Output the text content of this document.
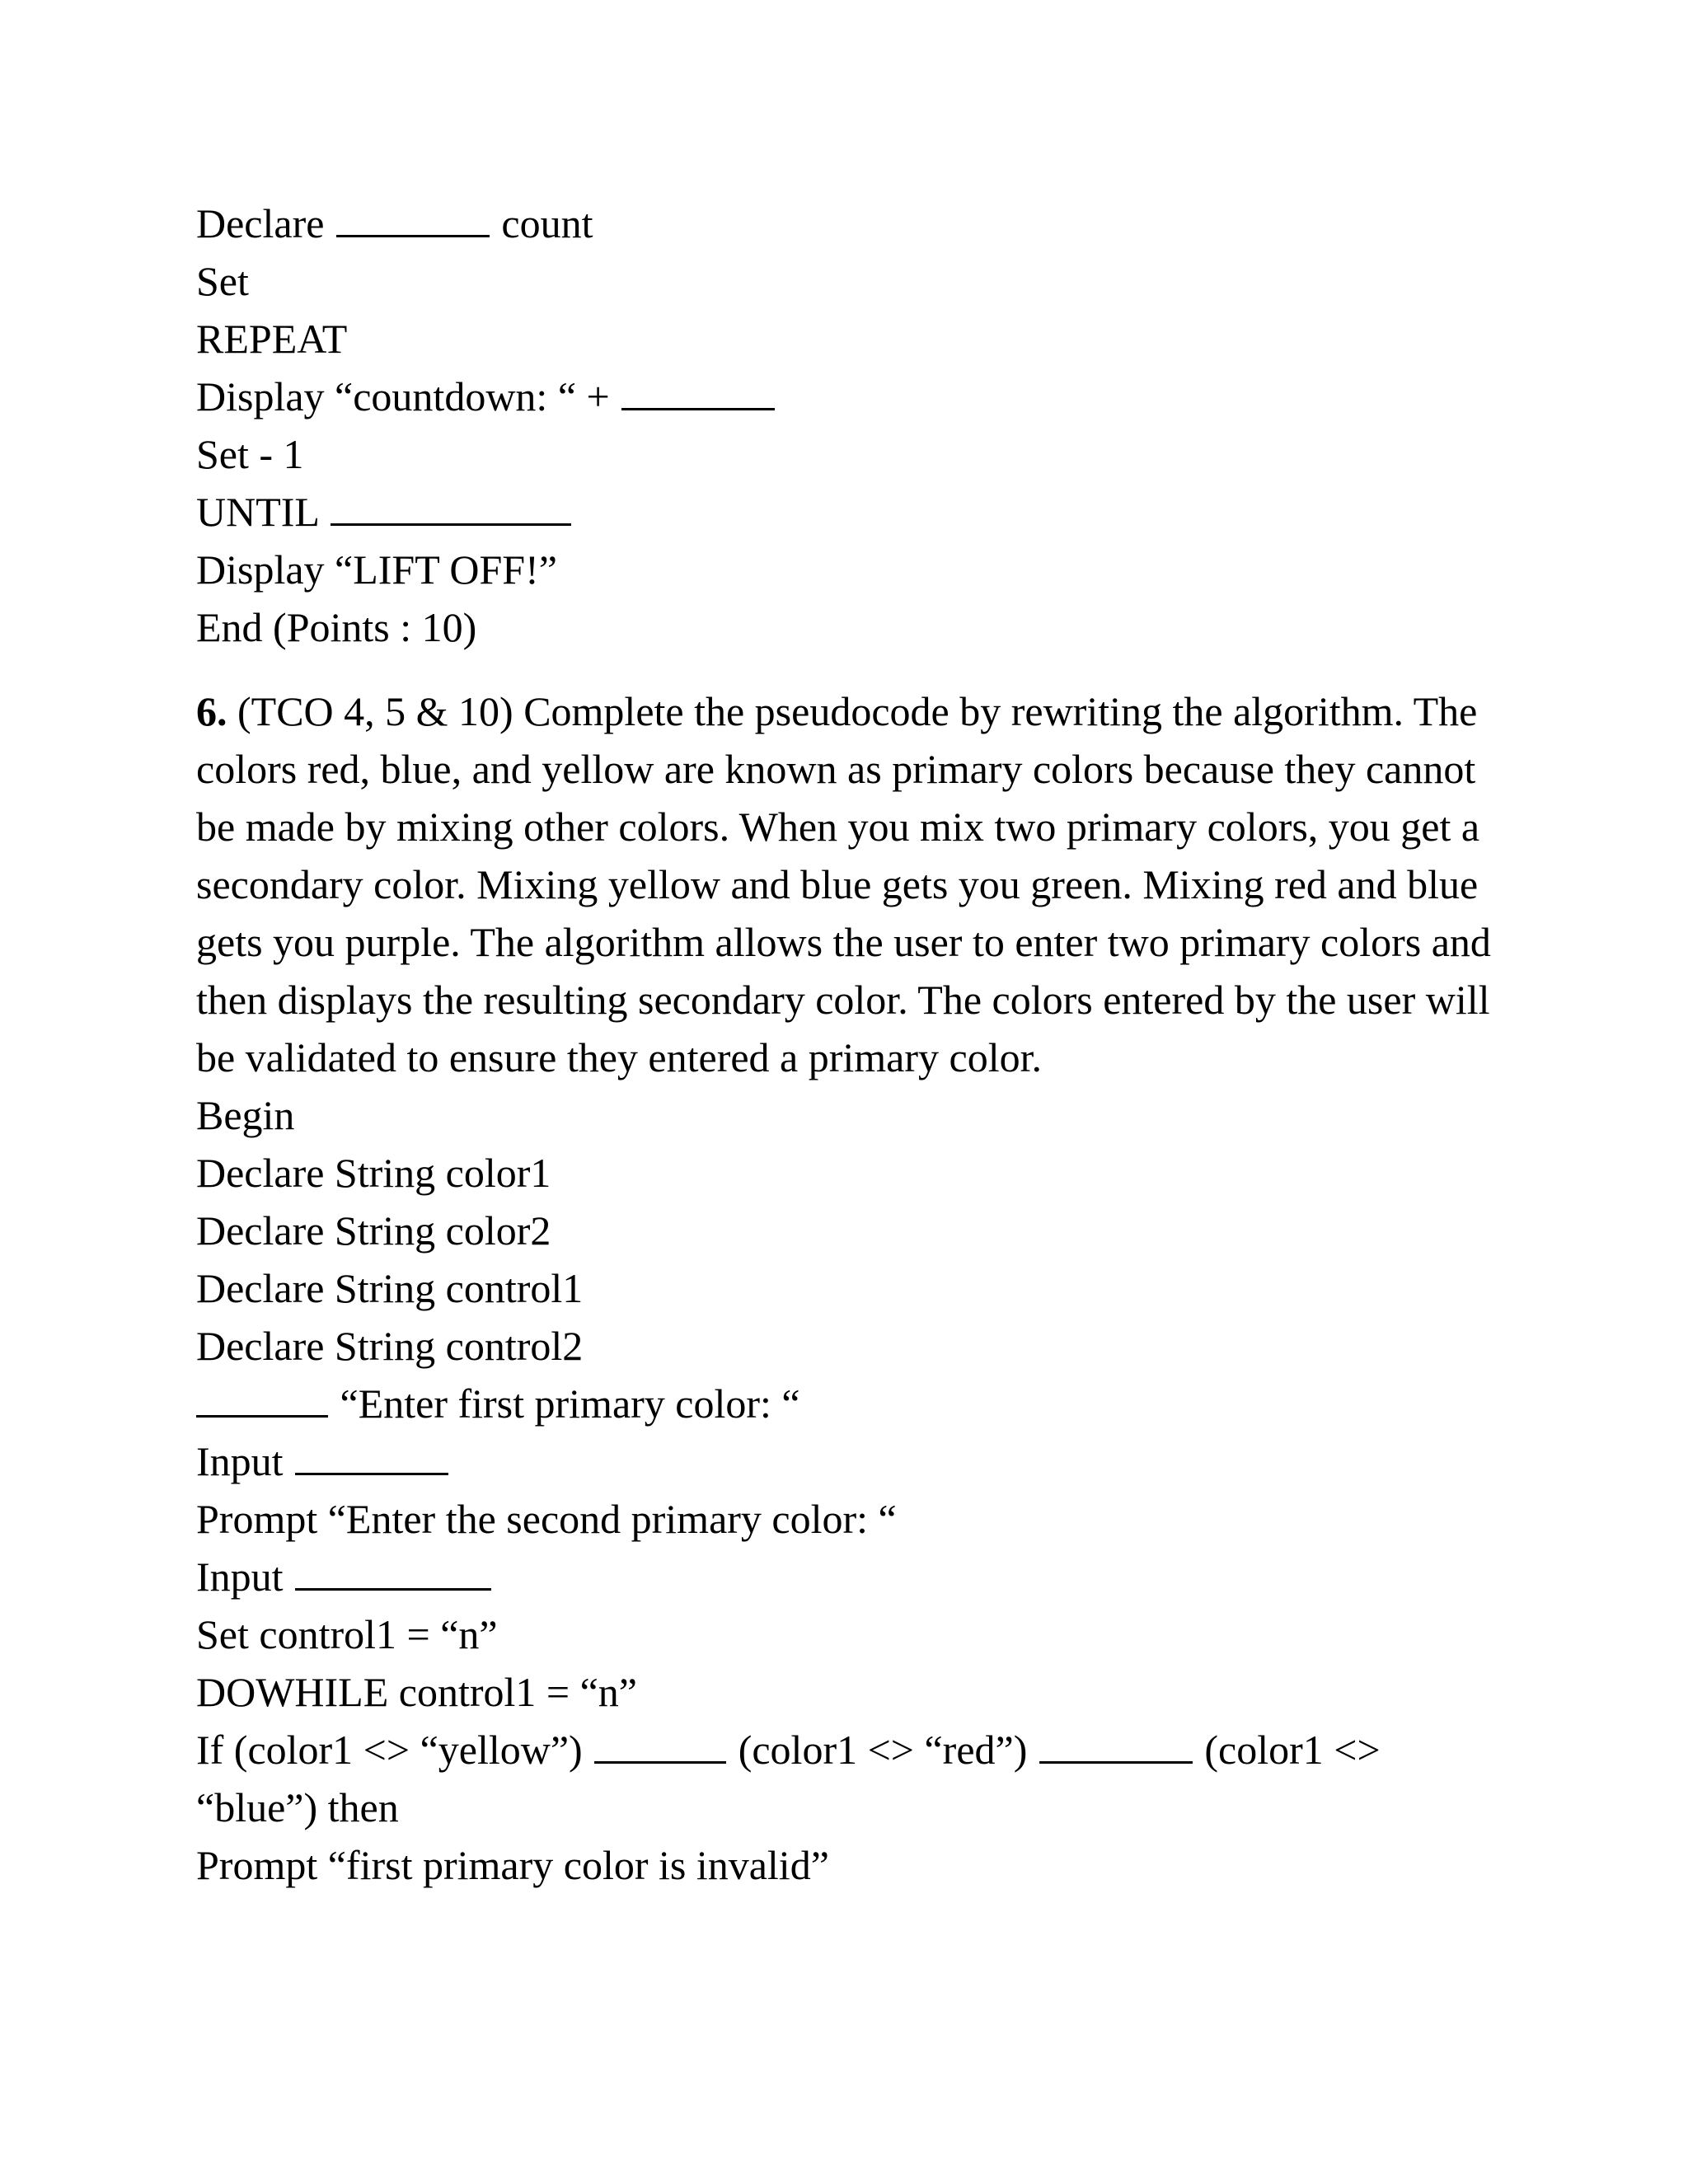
Declare	count
Set
REPEAT
Display “countdown: “ +
Set - 1
UNTIL
Display “LIFT OFF!”
End (Points : 10)
6. (TCO 4, 5 & 10) Complete the pseudocode by rewriting the algorithm. The colors red, blue, and yellow are known as primary colors because they cannot be made by mixing other colors. When you mix two primary colors, you get a secondary color. Mixing yellow and blue gets you green. Mixing red and blue gets you purple. The algorithm allows the user to enter two primary colors and then displays the resulting secondary color. The colors entered by the user will be validated to ensure they entered a primary color.
Begin
Declare String color1
Declare String color2
Declare String control1
Declare String control2
“Enter first primary color: “
Input
Prompt “Enter the second primary color: “
Input
Set control1 = “n”
DOWHILE control1 = “n”
If (color1 <> “yellow”)	(color1 <> “red”)	(color1 <>
“blue”) then
Prompt “first primary color is invalid”
